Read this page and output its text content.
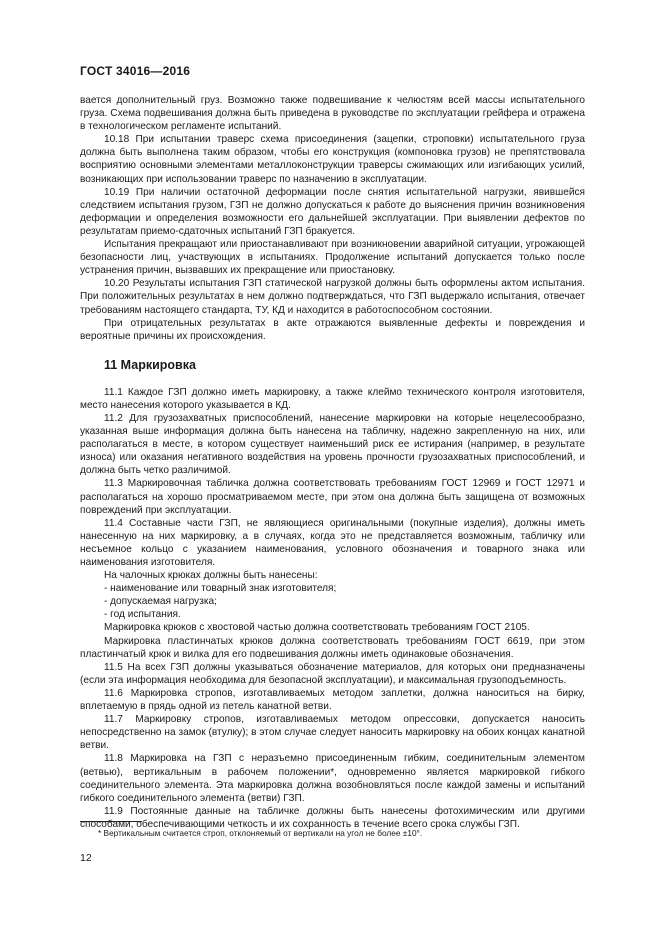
ГОСТ 34016—2016

вается дополнительный груз. Возможно также подвешивание к челюстям всей массы испытательного груза. Схема подвешивания должна быть приведена в руководстве по эксплуатации грейфера и отражена в технологическом регламенте испытаний.

10.18 При испытании траверс схема присоединения (зацепки, строповки) испытательного груза должна быть выполнена таким образом, чтобы его конструкция (компоновка грузов) не препятствовала восприятию основными элементами металлоконструкции траверсы сжимающих или изгибающих усилий, возникающих при использовании траверс по назначению в эксплуатации.

10.19 При наличии остаточной деформации после снятия испытательной нагрузки, явившейся следствием испытания грузом, ГЗП не должно допускаться к работе до выяснения причин возникновения деформации и определения возможности его дальнейшей эксплуатации. При выявлении дефектов по результатам приемо-сдаточных испытаний ГЗП бракуется.

Испытания прекращают или приостанавливают при возникновении аварийной ситуации, угрожающей безопасности лиц, участвующих в испытаниях. Продолжение испытаний допускается только после устранения причин, вызвавших их прекращение или приостановку.

10.20 Результаты испытания ГЗП статической нагрузкой должны быть оформлены актом испытания. При положительных результатах в нем должно подтверждаться, что ГЗП выдержало испытания, отвечает требованиям настоящего стандарта, ТУ, КД и находится в работоспособном состоянии.

При отрицательных результатах в акте отражаются выявленные дефекты и повреждения и вероятные причины их происхождения.

11 Маркировка

11.1 Каждое ГЗП должно иметь маркировку, а также клеймо технического контроля изготовителя, место нанесения которого указывается в КД.

11.2 Для грузозахватных приспособлений, нанесение маркировки на которые нецелесообразно, указанная выше информация должна быть нанесена на табличку, надежно закрепленную на них, или располагаться в месте, в котором существует наименьший риск ее истирания (например, в результате износа) или оказания негативного воздействия на уровень прочности грузозахватных приспособлений, и должна быть четко различимой.

11.3 Маркировочная табличка должна соответствовать требованиям ГОСТ 12969 и ГОСТ 12971 и располагаться на хорошо просматриваемом месте, при этом она должна быть защищена от возможных повреждений при эксплуатации.

11.4 Составные части ГЗП, не являющиеся оригинальными (покупные изделия), должны иметь нанесенную на них маркировку, а в случаях, когда это не представляется возможным, табличку или несъемное кольцо с указанием наименования, условного обозначения и товарного знака или наименования изготовителя.

На чалочных крюках должны быть нанесены:

- наименование или товарный знак изготовителя;

- допускаемая нагрузка;

- год испытания.

Маркировка крюков с хвостовой частью должна соответствовать требованиям ГОСТ 2105.

Маркировка пластинчатых крюков должна соответствовать требованиям ГОСТ 6619, при этом пластинчатый крюк и вилка для его подвешивания должны иметь одинаковые обозначения.

11.5 На всех ГЗП должны указываться обозначение материалов, для которых они предназначены (если эта информация необходима для безопасной эксплуатации), и максимальная грузоподъемность.

11.6 Маркировка стропов, изготавливаемых методом заплетки, должна наноситься на бирку, вплетаемую в прядь одной из петель канатной ветви.

11.7 Маркировку стропов, изготавливаемых методом опрессовки, допускается наносить непосредственно на замок (втулку); в этом случае следует наносить маркировку на обоих концах канатной ветви.

11.8 Маркировка на ГЗП с неразъемно присоединенным гибким, соединительным элементом (ветвью), вертикальным в рабочем положении*, одновременно является маркировкой гибкого соединительного элемента. Эта маркировка должна возобновляться после каждой замены и испытаний гибкого соединительного элемента (ветви) ГЗП.

11.9 Постоянные данные на табличке должны быть нанесены фотохимическим или другими способами, обеспечивающими четкость и их сохранность в течение всего срока службы ГЗП.

* Вертикальным считается строп, отклоняемый от вертикали на угол не более ±10°.
12
